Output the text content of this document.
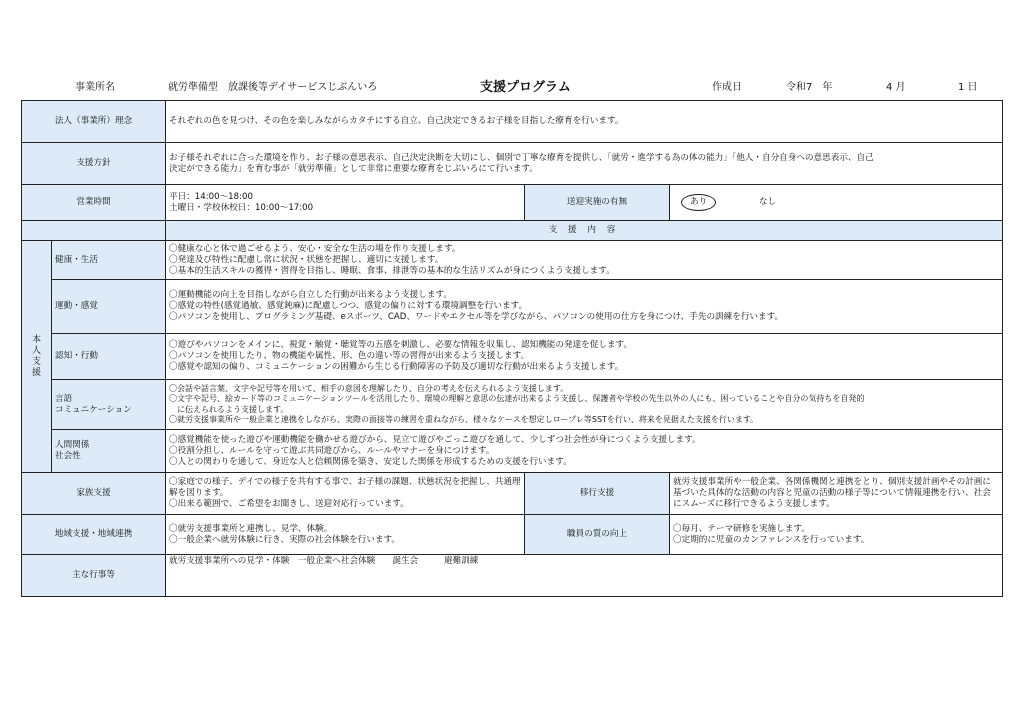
事業所名	就労準備型　放課後等デイサービスじぶんいろ	支援プログラム	作成日	令和7　年	4 月	1 日
法人（事業所）理念		それぞれの色を見つけ、その色を楽しみながらカタチにする自立、自己決定できるお子様を目指した療育を行います。		
支援方針		お子様それぞれに合った環境を作り、お子様の意思表示、自己決定決断を大切にし、個別で丁寧な療育を提供し、「就労・進学する為の体の能力」「他人・自分自身への意思表示、自己
決定ができる能力」を育む事が「就労準備」として非常に重要な療育をじぶいろにて行います。		

営業時間		平日：14:00～18:00
土曜日・学校休校日：10:00～17:00	送迎実施の有無	あり なし
		支 援 内 容		
本人支援	健康・生活	〇健康な心と体で過ごせるよう、安心・安全な生活の場を作り支援します。
〇発達及び特性に配慮し常に状況・状態を把握し、適切に支援します。
〇基本的生活スキルの獲得・習得を目指し、睡眠、食事、排泄等の基本的な生活リズムが身につくよう支援します。		

	運動・感覚	〇運動機能の向上を目指しながら自立した行動が出来るよう支援します。
〇感覚の特性(感覚過敏、感覚鈍麻)に配慮しつつ、感覚の偏りに対する環境調整を行います。
〇パソコンを使用し、プログラミング基礎、eスポーツ、CAD、ワードやエクセル等を学びながら、パソコンの使用の仕方を身につけ、手先の訓練を行います。		

	認知・行動	〇遊びやパソコンをメインに、視覚・触覚・聴覚等の五感を刺激し、必要な情報を収集し、認知機能の発達を促します。
〇パソコンを使用したり、物の機能や属性、形、色の違い等の習得が出来るよう支援します。
〇感覚や認知の偏り、コミュニケーションの困難から生じる行動障害の予防及び適切な行動が出来るよう支援します。		

	言語
コミュニケーション	〇会話や話言葉、文字や記号等を用いて、相手の意図を理解したり、自分の考えを伝えられるよう支援します。
〇文字や記号、絵カード等のコミュニケーションツールを活用したり、環境の理解と意思の伝達が出来るよう支援し、保護者や学校の先生以外の人にも、困っていることや自分の気持ちを自発的
　に伝えられるよう支援します。
〇就労支援事業所や一般企業と連携をしながら、実際の面接等の練習を重ねながら、様々なケースを想定しロープレ等SSTを行い、将来を見据えた支援を行います。		

	人間関係
社会性	〇感覚機能を使った遊びや運動機能を働かせる遊びから、見立て遊びやごっこ遊びを通して、少しずつ社会性が身につくよう支援します。
〇役割分担し、ルールを守って遊ぶ共同遊びから、ルールやマナーを身につけます。
〇人との関わりを通して、身近な人と信頼関係を築き、安定した関係を形成するための支援を行います。		

家族支援		〇家庭での様子、デイでの様子を共有する事で、お子様の課題、状態状況を把握し、共通理解を図ります。
〇出来る範囲で、ご希望をお聞きし、送迎対応行っています。	移行支援	就労支援事業所や一般企業、各関係機関と連携をとり、個別支援計画やその計画に基づいた具体的な活動の内容と児童の活動の様子等について情報連携を行い、社会にスムーズに移行できるよう支援します。
地域支援・地域連携		〇就労支援事業所と連携し、見学、体験。
〇一般企業へ就労体験に行き、実際の社会体験を行います。	職員の質の向上	〇毎月、テーマ研修を実施します。
〇定期的に児童のカンファレンスを行っています。

主な行事等		就労支援事業所への見学・体験　一般企業へ社会体験　　誕生会　　　避難訓練		
